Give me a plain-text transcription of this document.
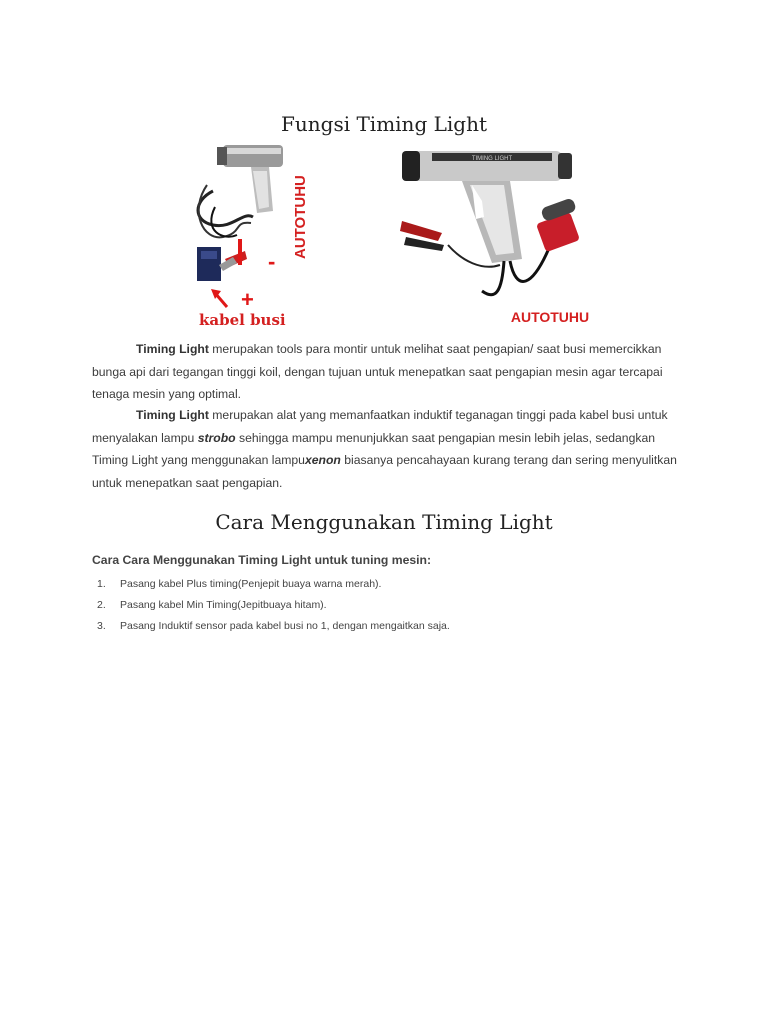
Fungsi Timing Light
AUTOTUHU
-
+
kabel busi
TIMING LIGHT
AUTOTUHU

Timing Light merupakan tools para montir untuk melihat saat pengapian/ saat busi memercikkan bunga api dari tegangan tinggi koil, dengan tujuan untuk menepatkan saat pengapian mesin agar tercapai tenaga mesin yang optimal.

Timing Light merupakan alat yang memanfaatkan induktif teganagan tinggi pada kabel busi untuk menyalakan lampu strobo sehingga mampu menunjukkan saat pengapian mesin lebih jelas, sedangkan Timing Light yang menggunakan lampuxenon biasanya pencahayaan kurang terang dan sering menyulitkan untuk menepatkan saat pengapian.

Cara Menggunakan Timing Light

Cara Cara Menggunakan Timing Light untuk tuning mesin:

1. Pasang kabel Plus timing(Penjepit buaya warna merah).
2. Pasang kabel Min Timing(Jepitbuaya hitam).
3. Pasang Induktif sensor pada kabel busi no 1, dengan mengaitkan saja.
